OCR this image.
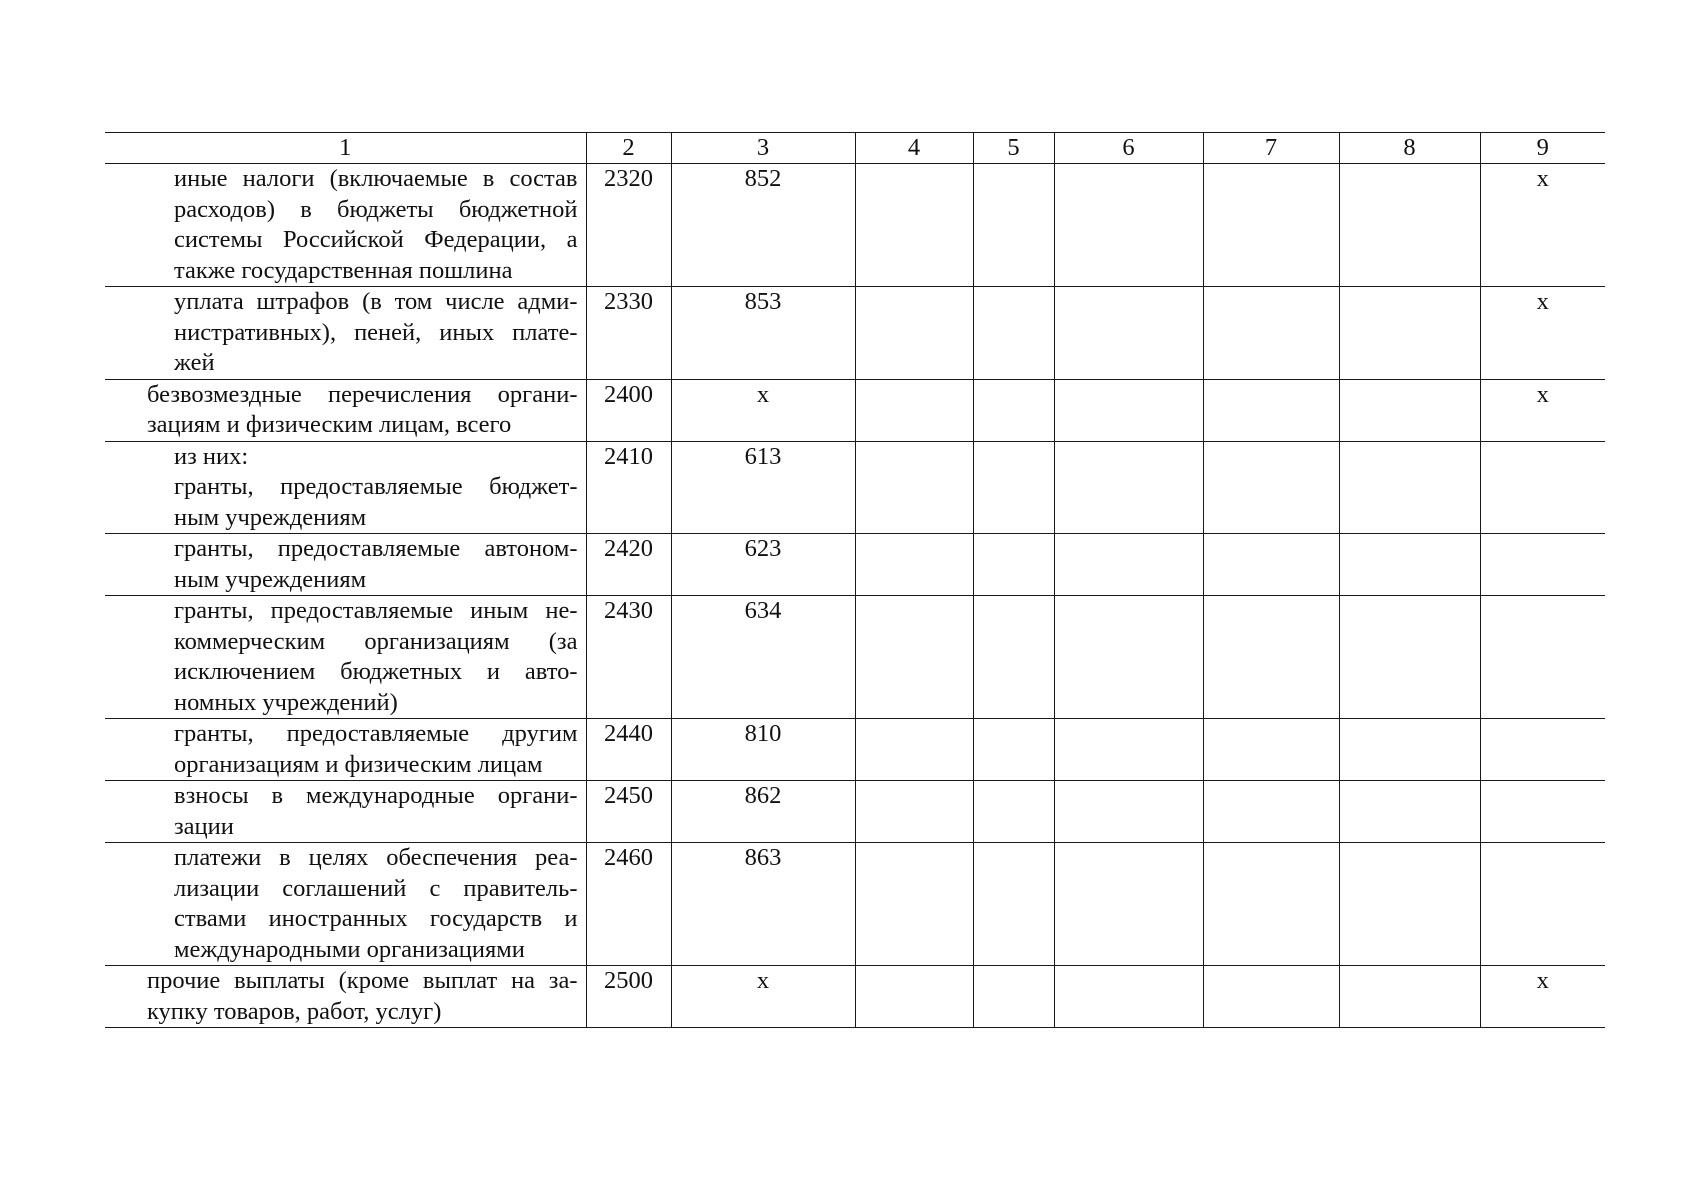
1	2	3	4	5	6	7	8	9

иные налоги (включаемые в состав
расходов) в бюджеты бюджетной
системы Российской Федерации, а
также государственная пошлина	2320	852						х

уплата штрафов (в том числе адми-
нистративных), пеней, иных плате-
жей	2330	853						х

безвозмездные перечисления органи-
зациям и физическим лицам, всего	2400	х						х

из них:
гранты, предоставляемые бюджет-
ным учреждениям	2410	613						

гранты, предоставляемые автоном-
ным учреждениям	2420	623						

гранты, предоставляемые иным не-
коммерческим организациям (за
исключением бюджетных и авто-
номных учреждений)	2430	634						

гранты, предоставляемые другим
организациям и физическим лицам	2440	810						

взносы в международные органи-
зации	2450	862						

платежи в целях обеспечения реа-
лизации соглашений с правитель-
ствами иностранных государств и
международными организациями	2460	863						

прочие выплаты (кроме выплат на за-
купку товаров, работ, услуг)	2500	х						х
